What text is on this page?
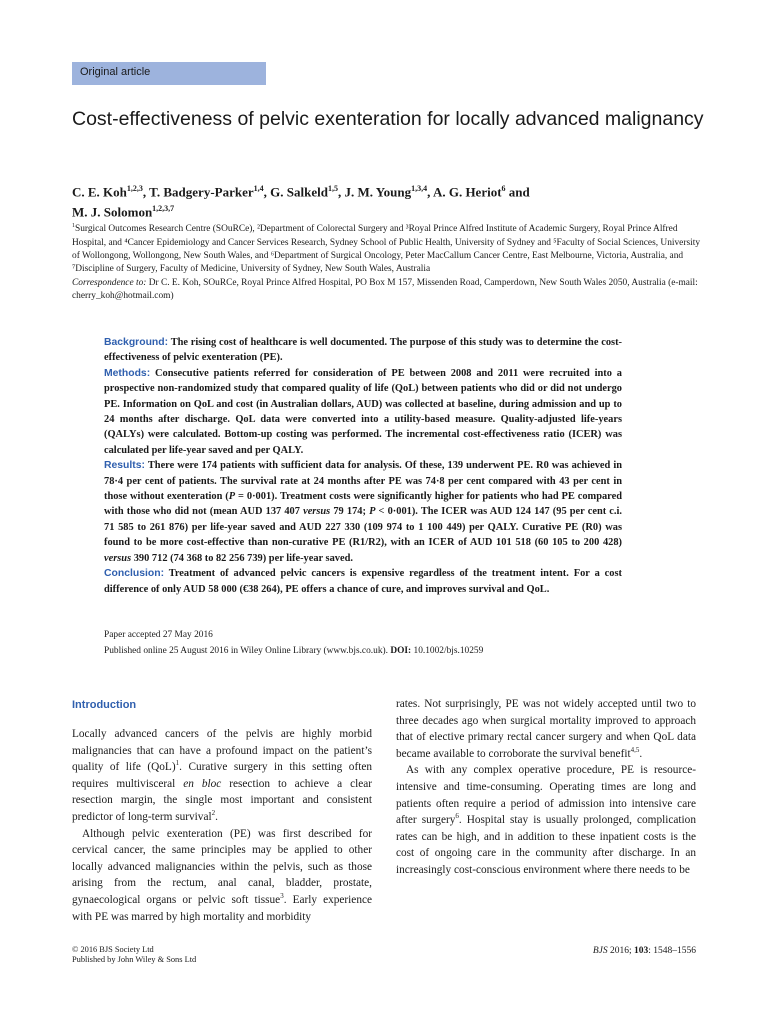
Original article
Cost-effectiveness of pelvic exenteration for locally advanced malignancy

C. E. Koh$^{1,2,3}$, T. Badgery-Parker$^{1,4}$, G. Salkeld$^{1,5}$, J. M. Young$^{1,3,4}$, A. G. Heriot$^6$ and
M. J. Solomon$^{1,2,3,7}$

$^1$Surgical Outcomes Research Centre (SOuRCe), ²Department of Colorectal Surgery and ³Royal Prince Alfred Institute of Academic Surgery, Royal Prince Alfred Hospital, and ⁴Cancer Epidemiology and Cancer Services Research, Sydney School of Public Health, University of Sydney and ⁵Faculty of Social Sciences, University of Wollongong, Wollongong, New South Wales, and ⁶Department of Surgical Oncology, Peter MacCallum Cancer Centre, East Melbourne, Victoria, Australia, and ⁷Discipline of Surgery, Faculty of Medicine, University of Sydney, New South Wales, Australia
Correspondence to: Dr C. E. Koh, SOuRCe, Royal Prince Alfred Hospital, PO Box M 157, Missenden Road, Camperdown, New South Wales 2050, Australia (e-mail: cherry_koh@hotmail.com)

Background: The rising cost of healthcare is well documented. The purpose of this study was to determine the cost-effectiveness of pelvic exenteration (PE).

Methods: Consecutive patients referred for consideration of PE between 2008 and 2011 were recruited into a prospective non-randomized study that compared quality of life (QoL) between patients who did or did not undergo PE. Information on QoL and cost (in Australian dollars, AUD) was collected at baseline, during admission and up to 24 months after discharge. QoL data were converted into a utility-based measure. Quality-adjusted life-years (QALYs) were calculated. Bottom-up costing was performed. The incremental cost-effectiveness ratio (ICER) was calculated per life-year saved and per QALY.

Results: There were 174 patients with sufficient data for analysis. Of these, 139 underwent PE. R0 was achieved in 78·4 per cent of patients. The survival rate at 24 months after PE was 74·8 per cent compared with 43 per cent in those without exenteration (P = 0·001). Treatment costs were significantly higher for patients who had PE compared with those who did not (mean AUD 137 407 versus 79 174; P < 0·001). The ICER was AUD 124 147 (95 per cent c.i. 71 585 to 261 876) per life-year saved and AUD 227 330 (109 974 to 1 100 449) per QALY. Curative PE (R0) was found to be more cost-effective than non-curative PE (R1/R2), with an ICER of AUD 101 518 (60 105 to 200 428) versus 390 712 (74 368 to 82 256 739) per life-year saved.

Conclusion: Treatment of advanced pelvic cancers is expensive regardless of the treatment intent. For a cost difference of only AUD 58 000 (€38 264), PE offers a chance of cure, and improves survival and QoL.

Paper accepted 27 May 2016

Published online 25 August 2016 in Wiley Online Library (www.bjs.co.uk). DOI: 10.1002/bjs.10259

Introduction

Locally advanced cancers of the pelvis are highly morbid malignancies that can have a profound impact on the patient’s quality of life (QoL)$^1$. Curative surgery in this setting often requires multivisceral en bloc resection to achieve a clear resection margin, the single most important and consistent predictor of long-term survival$^2$.

Although pelvic exenteration (PE) was first described for cervical cancer, the same principles may be applied to other locally advanced malignancies within the pelvis, such as those arising from the rectum, anal canal, bladder, prostate, gynaecological organs or pelvic soft tissue$^3$. Early experience with PE was marred by high mortality and morbidity

rates. Not surprisingly, PE was not widely accepted until two to three decades ago when surgical mortality improved to approach that of elective primary rectal cancer surgery and when QoL data became available to corroborate the survival benefit$^{4,5}$.

As with any complex operative procedure, PE is resource-intensive and time-consuming. Operating times are long and patients often require a period of admission into intensive care after surgery$^6$. Hospital stay is usually prolonged, complication rates can be high, and in addition to these inpatient costs is the cost of ongoing care in the community after discharge. In an increasingly cost-conscious environment where there needs to be

© 2016 BJS Society Ltd
Published by John Wiley & Sons Ltd
BJS 2016; 103: 1548–1556
